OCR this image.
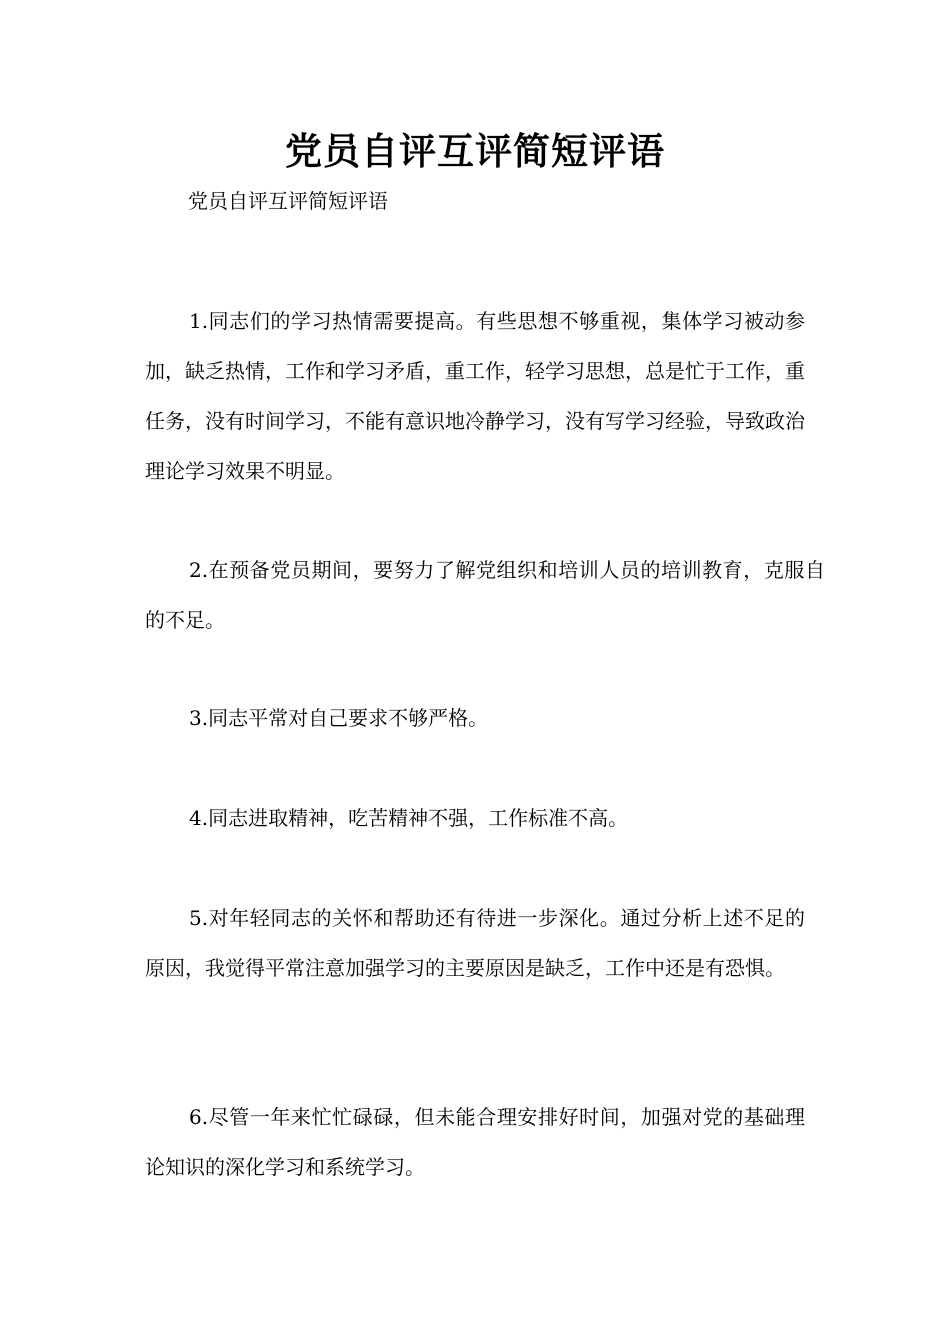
党员自评互评简短评语
党员自评互评简短评语

1.同志们的学习热情需要提高。有些思想不够重视，集体学习被动参加，缺乏热情，工作和学习矛盾，重工作，轻学习思想，总是忙于工作，重任务，没有时间学习，不能有意识地冷静学习，没有写学习经验，导致政治理论学习效果不明显。

2.在预备党员期间，要努力了解党组织和培训人员的培训教育，克服自的不足。

3.同志平常对自己要求不够严格。

4.同志进取精神，吃苦精神不强，工作标准不高。

5.对年轻同志的关怀和帮助还有待进一步深化。通过分析上述不足的原因，我觉得平常注意加强学习的主要原因是缺乏，工作中还是有恐惧。

6.尽管一年来忙忙碌碌，但未能合理安排好时间，加强对党的基础理论知识的深化学习和系统学习。
